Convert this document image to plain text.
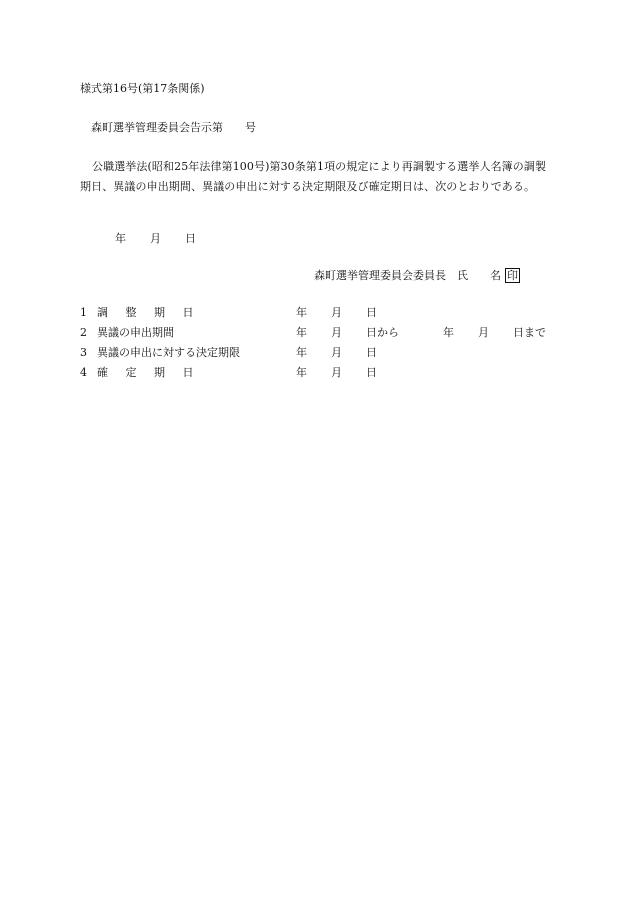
様式第16号(第17条関係)
森町選挙管理委員会告示第　　号
公職選挙法(昭和25年法律第100号)第30条第1項の規定により再調製する選挙人名簿の調製期日、異議の申出期間、異議の申出に対する決定期限及び確定期日は、次のとおりである。
年 月 日
森町選挙管理委員会委員長　氏　　名 印
1 調 整 期 日	年 月 日
2 異議の申出期間	年 月 日から	年 月 日まで
3 異議の申出に対する決定期限	年 月 日
4 確 定 期 日	年 月 日
